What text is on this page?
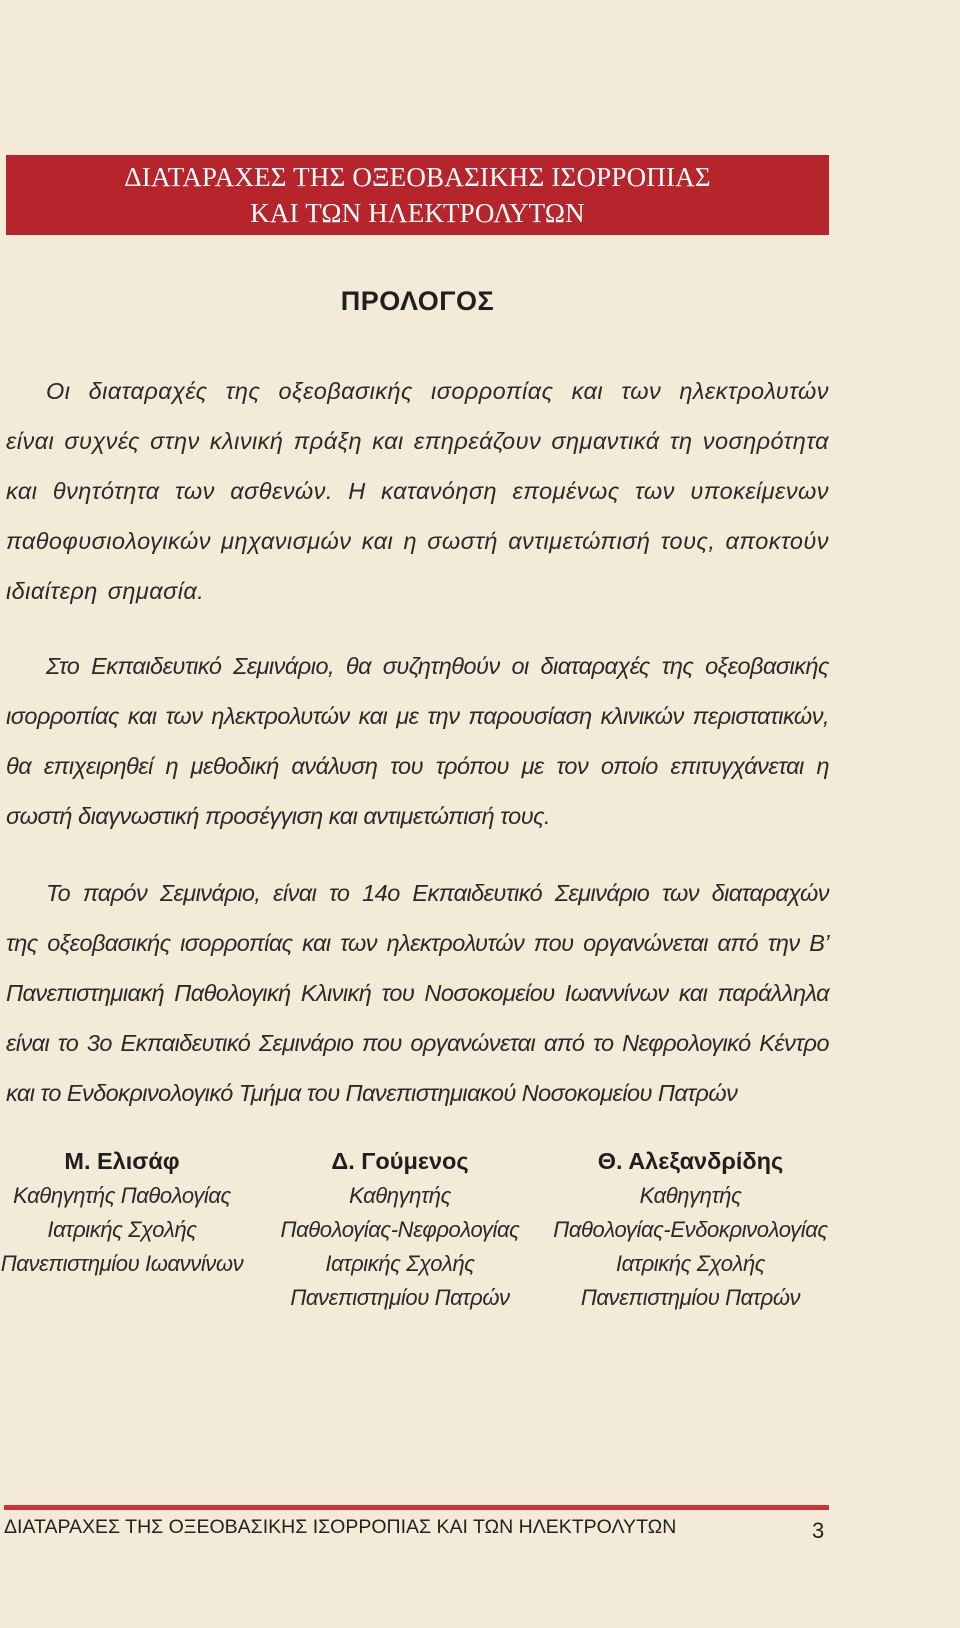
ΔΙΑΤΑΡΑΧΕΣ ΤΗΣ ΟΞΕΟΒΑΣΙΚΗΣ ΙΣΟΡΡΟΠΙΑΣ
ΚΑΙ ΤΩΝ ΗΛΕΚΤΡΟΛΥΤΩΝ
ΠΡΟΛΟΓΟΣ

Οι διαταραχές της οξεοβασικής ισορροπίας και των ηλεκτρολυτών
είναι συχνές στην κλινική πράξη και επηρεάζουν σημαντικά τη νοσηρότητα
και θνητότητα των ασθενών. Η κατανόηση επομένως των υποκείμενων
παθοφυσιολογικών μηχανισμών και η σωστή αντιμετώπισή τους, αποκτούν
ιδιαίτερη σημασία.

Στο Εκπαιδευτικό Σεμινάριο, θα συζητηθούν οι διαταραχές της οξεοβασικής
ισορροπίας και των ηλεκτρολυτών και με την παρουσίαση κλινικών περιστατικών,
θα επιχειρηθεί η μεθοδική ανάλυση του τρόπου με τον οποίο επιτυγχάνεται η
σωστή διαγνωστική προσέγγιση και αντιμετώπισή τους.

Το παρόν Σεμινάριο, είναι το 14ο Εκπαιδευτικό Σεμινάριο των διαταραχών
της οξεοβασικής ισορροπίας και των ηλεκτρολυτών που οργανώνεται από την Β’
Πανεπιστημιακή Παθολογική Κλινική του Νοσοκομείου Ιωαννίνων και παράλληλα
είναι το 3ο Εκπαιδευτικό Σεμινάριο που οργανώνεται από το Νεφρολογικό Κέντρο
και το Ενδοκρινολογικό Τμήμα του Πανεπιστημιακού Νοσοκομείου Πατρών

Μ. Ελισάφ
Καθηγητής Παθολογίας
Ιατρικής Σχολής
Πανεπιστημίου Ιωαννίνων
Δ. Γούμενος
Καθηγητής
Παθολογίας-Νεφρολογίας
Ιατρικής Σχολής
Πανεπιστημίου Πατρών
Θ. Αλεξανδρίδης
Καθηγητής
Παθολογίας-Ενδοκρινολογίας
Ιατρικής Σχολής
Πανεπιστημίου Πατρών
ΔΙΑΤΑΡΑΧΕΣ ΤΗΣ ΟΞΕΟΒΑΣΙΚΗΣ ΙΣΟΡΡΟΠΙΑΣ ΚΑΙ ΤΩΝ ΗΛΕΚΤΡΟΛΥΤΩΝ	3
